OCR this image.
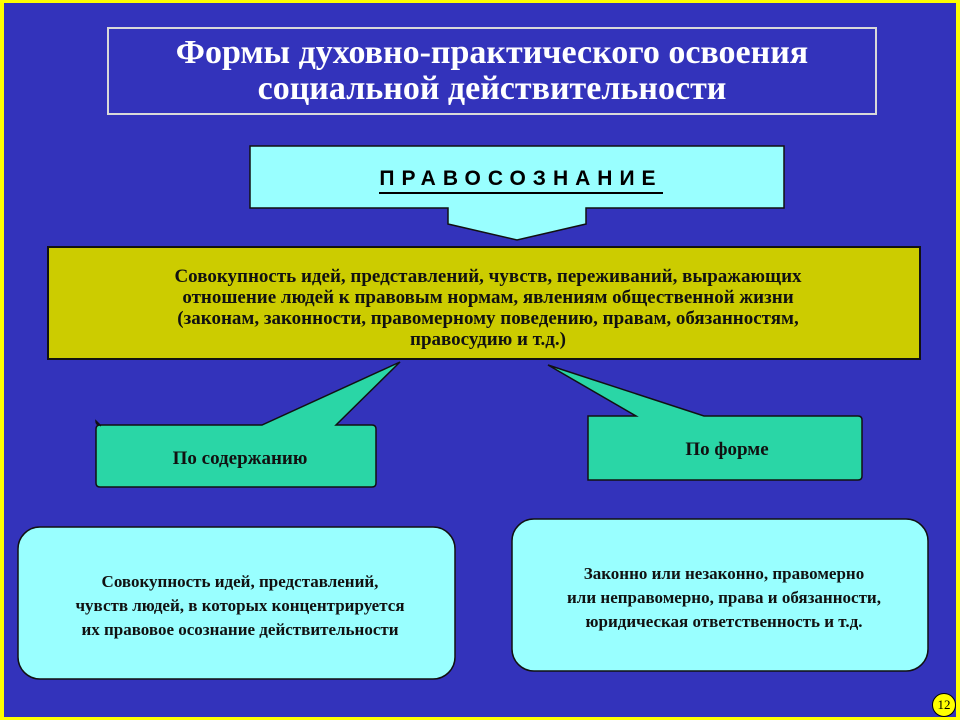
Формы духовно-практического освоения
социальной действительности
ПРАВОСОЗНАНИЕ
Совокупность идей, представлений, чувств, переживаний, выражающих
отношение людей к правовым нормам, явлениям общественной жизни
(законам, законности, правомерному поведению, правам, обязанностям,
правосудию и т.д.)
По содержанию	По форме
Совокупность идей, представлений,
чувств людей, в которых концентрируется
их правовое осознание действительности
Законно или незаконно, правомерно
или неправомерно, права и обязанности,
юридическая ответственность и т.д.
12
